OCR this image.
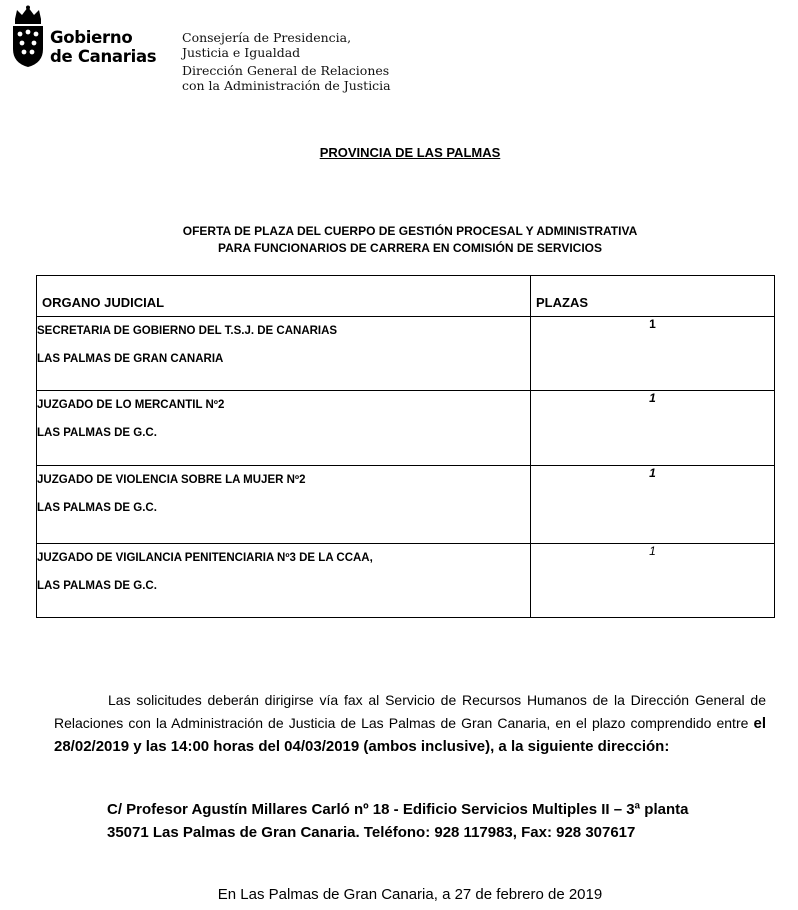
Gobierno
de Canarias
Consejería de Presidencia,
Justicia e Igualdad
Dirección General de Relaciones
con la Administración de Justicia
PROVINCIA DE LAS PALMAS
OFERTA DE PLAZA DEL CUERPO DE GESTIÓN PROCESAL Y ADMINISTRATIVA
PARA FUNCIONARIOS DE CARRERA EN COMISIÓN DE SERVICIOS
ORGANO JUDICIAL	PLAZAS

SECRETARIA DE GOBIERNO DEL T.S.J. DE CANARIAS
LAS PALMAS DE GRAN CANARIA	1

JUZGADO DE LO MERCANTIL Nº2
LAS PALMAS DE G.C.	1

JUZGADO DE VIOLENCIA SOBRE LA MUJER Nº2
LAS PALMAS DE G.C.	1

JUZGADO DE VIGILANCIA PENITENCIARIA Nº3 DE LA CCAA,
LAS PALMAS DE G.C.	1
Las solicitudes deberán dirigirse vía fax al Servicio de Recursos Humanos de la Dirección General de Relaciones con la Administración de Justicia de Las Palmas de Gran Canaria, en el plazo comprendido entre el 28/02/2019 y las 14:00 horas del 04/03/2019 (ambos inclusive), a la siguiente dirección:
C/ Profesor Agustín Millares Carló nº 18 - Edificio Servicios Multiples II – 3ª planta
35071 Las Palmas de Gran Canaria. Teléfono: 928 117983, Fax: 928 307617
En Las Palmas de Gran Canaria, a 27 de febrero de 2019
